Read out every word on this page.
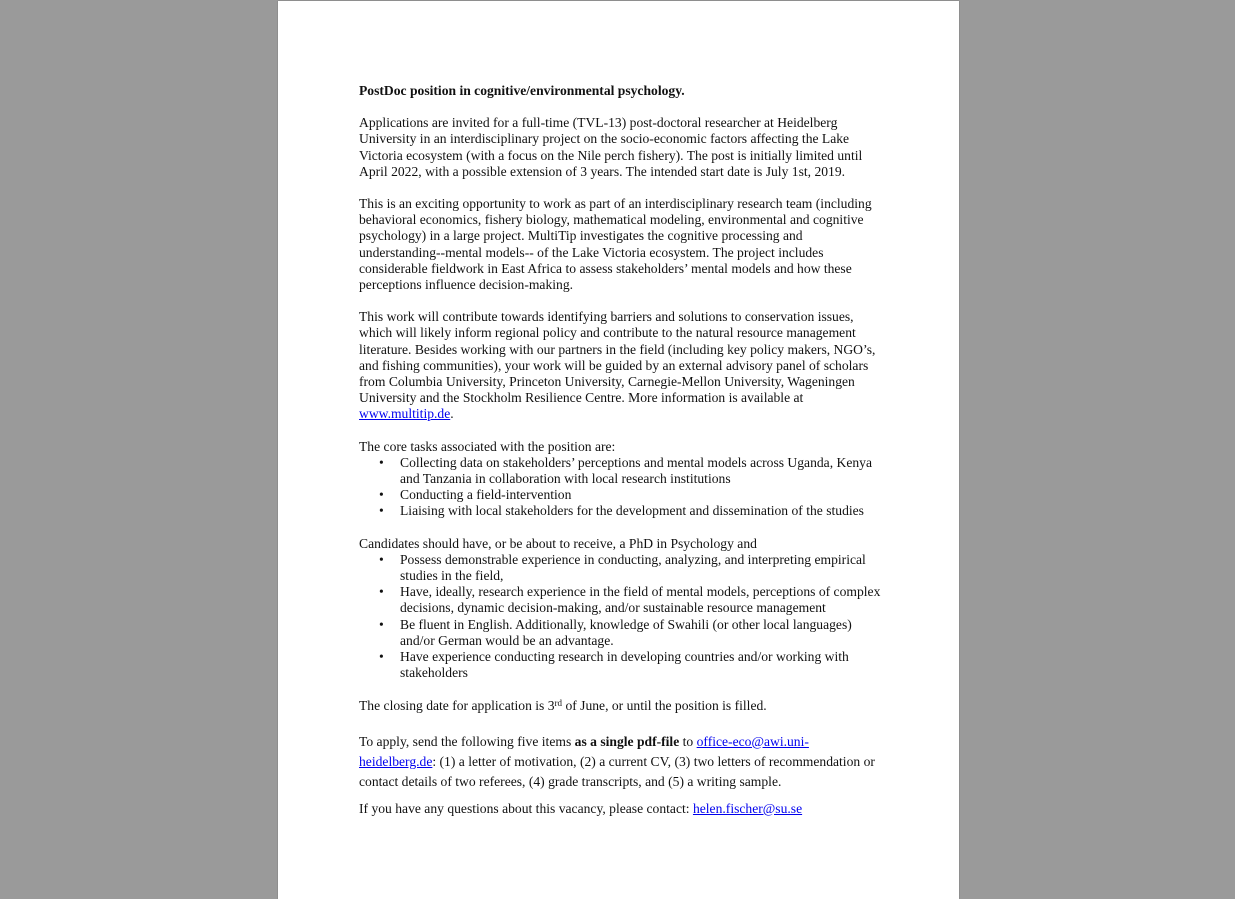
PostDoc position in cognitive/environmental psychology.

Applications are invited for a full-time (TVL-13) post-doctoral researcher at Heidelberg University in an interdisciplinary project on the socio-economic factors affecting the Lake Victoria ecosystem (with a focus on the Nile perch fishery). The post is initially limited until April 2022, with a possible extension of 3 years. The intended start date is July 1st, 2019.

This is an exciting opportunity to work as part of an interdisciplinary research team (including behavioral economics, fishery biology, mathematical modeling, environmental and cognitive psychology) in a large project. MultiTip investigates the cognitive processing and understanding--mental models-- of the Lake Victoria ecosystem. The project includes considerable fieldwork in East Africa to assess stakeholders’ mental models and how these perceptions influence decision-making.

This work will contribute towards identifying barriers and solutions to conservation issues, which will likely inform regional policy and contribute to the natural resource management literature. Besides working with our partners in the field (including key policy makers, NGO’s, and fishing communities), your work will be guided by an external advisory panel of scholars from Columbia University, Princeton University, Carnegie-Mellon University, Wageningen University and the Stockholm Resilience Centre. More information is available at www.multitip.de.

The core tasks associated with the position are:

• Collecting data on stakeholders’ perceptions and mental models across Uganda, Kenya and Tanzania in collaboration with local research institutions
• Conducting a field-intervention
• Liaising with local stakeholders for the development and dissemination of the studies

Candidates should have, or be about to receive, a PhD in Psychology and

• Possess demonstrable experience in conducting, analyzing, and interpreting empirical studies in the field,
• Have, ideally, research experience in the field of mental models, perceptions of complex decisions, dynamic decision-making, and/or sustainable resource management
• Be fluent in English. Additionally, knowledge of Swahili (or other local languages) and/or German would be an advantage.
• Have experience conducting research in developing countries and/or working with stakeholders

The closing date for application is 3rd of June, or until the position is filled.

To apply, send the following five items as a single pdf-file to office-eco@awi.uni-heidelberg.de: (1) a letter of motivation, (2) a current CV, (3) two letters of recommendation or contact details of two referees, (4) grade transcripts, and (5) a writing sample.

If you have any questions about this vacancy, please contact: helen.fischer@su.se
